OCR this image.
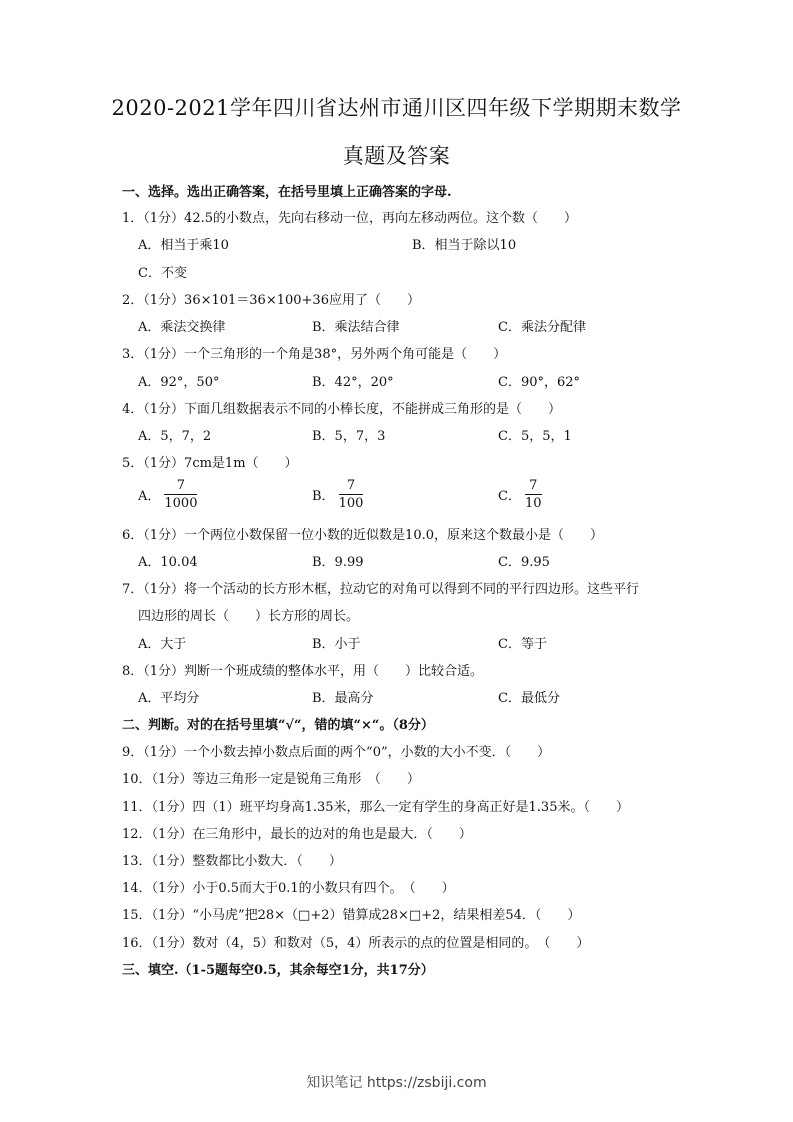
2020-2021学年四川省达州市通川区四年级下学期期末数学
真题及答案
一、选择。选出正确答案，在括号里填上正确答案的字母.
1．（1分）42.5的小数点，先向右移动一位，再向左移动两位。这个数（　　）
A．相当于乘10	B．相当于除以10
C．不变
2．（1分）36×101＝36×100+36应用了（　　）
A．乘法交换律	B．乘法结合律	C．乘法分配律
3．（1分）一个三角形的一个角是38°，另外两个角可能是（　　）
A．92°，50°	B．42°，20°	C．90°，62°
4．（1分）下面几组数据表示不同的小棒长度，不能拼成三角形的是（　　）
A．5，7，2	B．5，7，3	C．5，5，1
5．（1分）7cm是1m（　　）
A． $\frac{7}{1000}$	B． $\frac{7}{100}$	C． $\frac{7}{10}$
6．（1分）一个两位小数保留一位小数的近似数是10.0，原来这个数最小是（　　）
A．10.04	B．9.99	C．9.95
7．（1分）将一个活动的长方形木框，拉动它的对角可以得到不同的平行四边形。这些平行
四边形的周长（　　）长方形的周长。
A．大于	B．小于	C．等于
8．（1分）判断一个班成绩的整体水平，用（　　）比较合适。
A．平均分	B．最高分	C．最低分
二、判断。对的在括号里填“√“，错的填“×“。（8分）
9．（1分）一个小数去掉小数点后面的两个“0”，小数的大小不变．（　　）
10．（1分）等边三角形一定是锐角三角形　（　　）
11．（1分）四（1）班平均身高1.35米，那么一定有学生的身高正好是1.35米。（　　）
12．（1分）在三角形中，最长的边对的角也是最大．（　　）
13．（1分）整数都比小数大．（　　）
14．（1分）小于0.5而大于0.1的小数只有四个。　（　　）
15．（1分）“小马虎”把28×（□+2）错算成28×□+2，结果相差54．（　　）
16．（1分）数对（4，5）和数对（5，4）所表示的点的位置是相同的。　（　　）
三、填空.（1-5题每空0.5，其余每空1分，共17分）
知识笔记 https://zsbiji.com
